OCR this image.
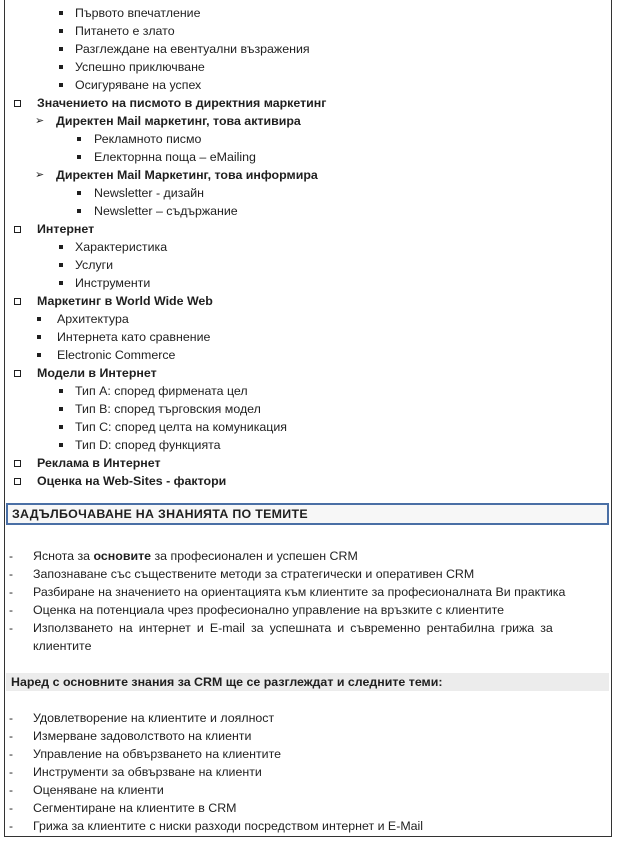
Първото впечатление
Питането е злато
Разглеждане на евентуални възражения
Успешно приключване
Осигуряване на успех
Значението на писмото в директния маркетинг
➢ Директен Mail маркетинг, това активира
Рекламното писмо
Електорнна поща – eMailing
➢ Директен Mail Маркетинг, това информира
Newsletter - дизайн
Newsletter – съдържание
Интернет
Характеристика
Услуги
Инструменти
Маркетинг в World Wide Web
Архитектура
Интернета като сравнение
Electronic Commerce
Модели в Интернет
Тип A: според фирмената цел
Тип B: според търговския модел
Тип C: според целта на комуникация
Тип D: според функцията
Реклама в Интернет
Оценка на Web-Sites - фактори
ЗАДЪЛБОЧАВАНЕ НА ЗНАНИЯТА ПО ТЕМИТЕ
- Яснота за основите за професионален и успешен CRM
- Запознаване със съществените методи за стратегически и оперативен CRM
- Разбиране на значението на ориентацията към клиентите за професионалната Ви практика
- Оценка на потенциала чрез професионално управление на връзките с клиентите
- Използването на интернет и E-mail за успешната и съвременно рентабилна грижа за
клиентите
Наред с основните знания за CRM ще се разглеждат и следните теми:
- Удовлетворение на клиентите и лоялност
- Измерване задоволството на клиенти
- Управление на обвързването на клиентите
- Инструменти за обвързване на клиенти
- Оценяване на клиенти
- Сегментиране на клиентите в CRM
- Грижа за клиентите с ниски разходи посредством интернет и E-Mail
